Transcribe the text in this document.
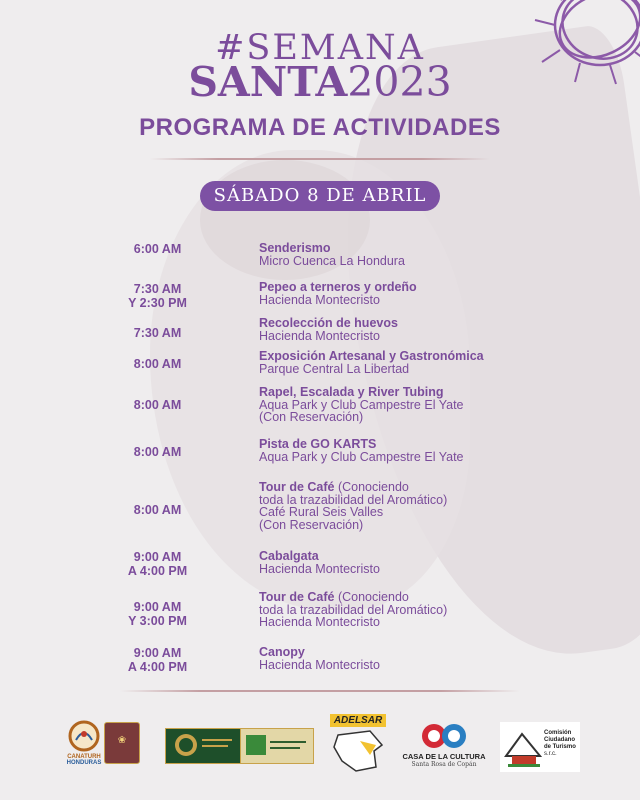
#SEMANA
SANTA2023
PROGRAMA DE ACTIVIDADES
SÁBADO 8 DE ABRIL
6:00 AM	Senderismo
Micro Cuenca La Hondura
7:30 AM
Y 2:30 PM
Pepeo a terneros y ordeño
Hacienda Montecristo
7:30 AM
Recolección de huevos
Hacienda Montecristo
8:00 AM
Exposición Artesanal y Gastronómica
Parque Central La Libertad
8:00 AM
Rapel, Escalada y River Tubing
Aqua Park y Club Campestre El Yate
(Con Reservación)
8:00 AM
Pista de GO KARTS
Aqua Park y Club Campestre El Yate
8:00 AM
Tour de Café (Conociendo
toda la trazabilidad del Aromático)
Café Rural Seis Valles
(Con Reservación)
9:00 AM
A 4:00 PM
Cabalgata
Hacienda Montecristo
9:00 AM
Y 3:00 PM
Tour de Café (Conociendo
toda la trazabilidad del Aromático)
Hacienda Montecristo
9:00 AM
A 4:00 PM
Canopy
Hacienda Montecristo
CANATURH
HONDURAS
❀
ADELSAR
CASA DE LA CULTURA
Santa Rosa de Copán
Comisión
Ciudadano
de Turismo
s.r.c.
